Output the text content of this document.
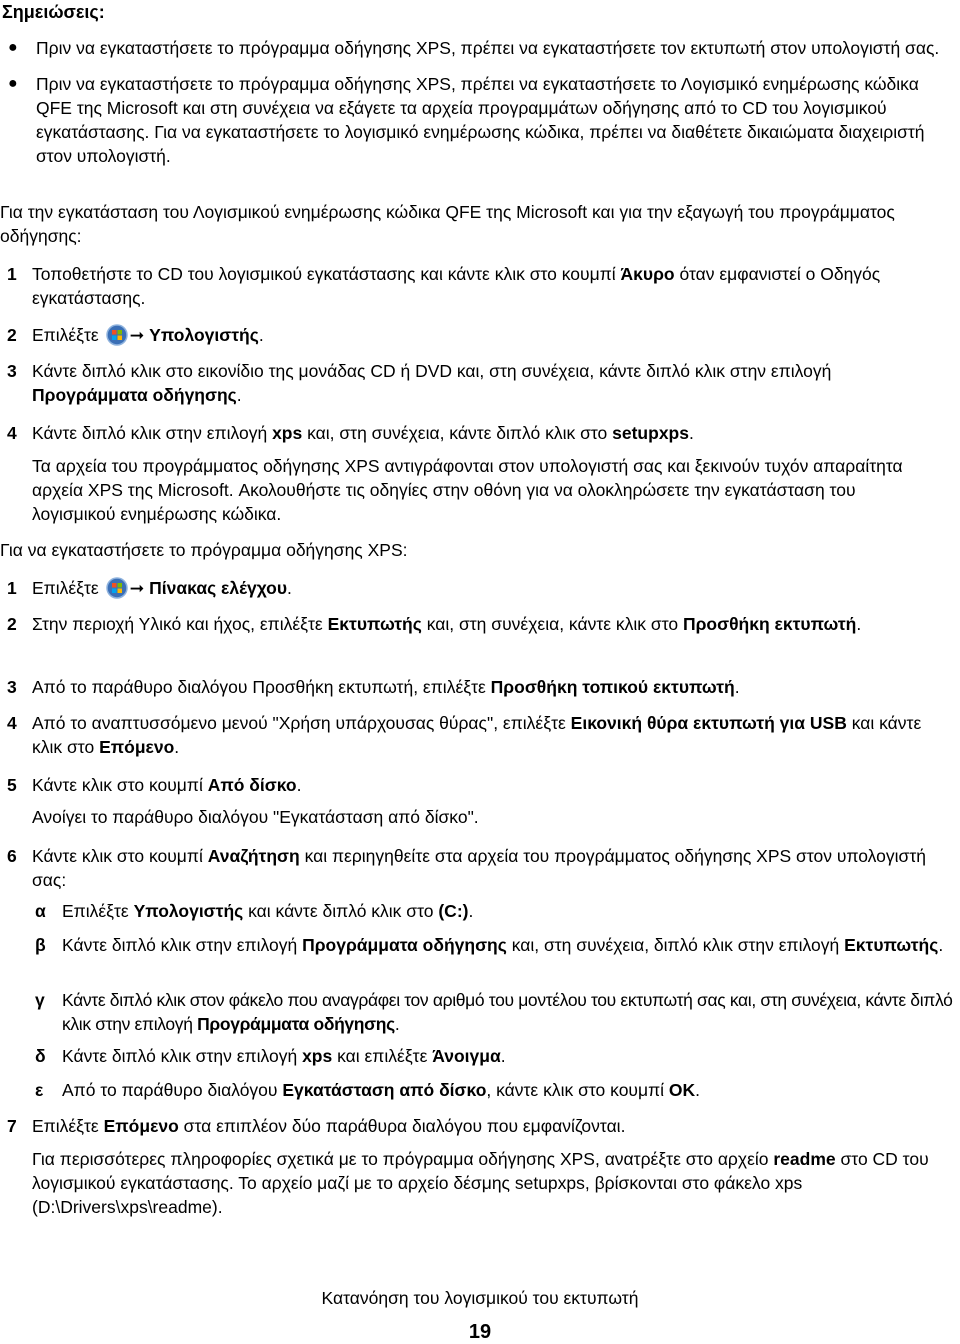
Σημειώσεις:
● Πριν να εγκαταστήσετε το πρόγραμμα οδήγησης XPS, πρέπει να εγκαταστήσετε τον εκτυπωτή στον υπολογιστή σας.
● Πριν να εγκαταστήσετε το πρόγραμμα οδήγησης XPS, πρέπει να εγκαταστήσετε το Λογισμικό ενημέρωσης κώδικα QFE της Microsoft και στη συνέχεια να εξάγετε τα αρχεία προγραμμάτων οδήγησης από το CD του λογισμικού εγκατάστασης. Για να εγκαταστήσετε το λογισμικό ενημέρωσης κώδικα, πρέπει να διαθέτετε δικαιώματα διαχειριστή στον υπολογιστή.
Για την εγκατάσταση του Λογισμικού ενημέρωσης κώδικα QFE της Microsoft και για την εξαγωγή του προγράμματος οδήγησης:
1 Τοποθετήστε το CD του λογισμικού εγκατάστασης και κάντε κλικ στο κουμπί Άκυρο όταν εμφανιστεί ο Οδηγός εγκατάστασης.
2 Επιλέξτε ➞ Υπολογιστής.
3 Κάντε διπλό κλικ στο εικονίδιο της μονάδας CD ή DVD και, στη συνέχεια, κάντε διπλό κλικ στην επιλογή Προγράμματα οδήγησης.
4 Κάντε διπλό κλικ στην επιλογή xps και, στη συνέχεια, κάντε διπλό κλικ στο setupxps.
Τα αρχεία του προγράμματος οδήγησης XPS αντιγράφονται στον υπολογιστή σας και ξεκινούν τυχόν απαραίτητα αρχεία XPS της Microsoft. Ακολουθήστε τις οδηγίες στην οθόνη για να ολοκληρώσετε την εγκατάσταση του λογισμικού ενημέρωσης κώδικα.
Για να εγκαταστήσετε το πρόγραμμα οδήγησης XPS:
1 Επιλέξτε ➞ Πίνακας ελέγχου.
2 Στην περιοχή Υλικό και ήχος, επιλέξτε Εκτυπωτής και, στη συνέχεια, κάντε κλικ στο Προσθήκη εκτυπωτή.
3 Από το παράθυρο διαλόγου Προσθήκη εκτυπωτή, επιλέξτε Προσθήκη τοπικού εκτυπωτή.
4 Από το αναπτυσσόμενο μενού "Χρήση υπάρχουσας θύρας", επιλέξτε Εικονική θύρα εκτυπωτή για USB και κάντε κλικ στο Επόμενο.
5 Κάντε κλικ στο κουμπί Από δίσκο.
Ανοίγει το παράθυρο διαλόγου "Εγκατάσταση από δίσκο".
6 Κάντε κλικ στο κουμπί Αναζήτηση και περιηγηθείτε στα αρχεία του προγράμματος οδήγησης XPS στον υπολογιστή σας:
α Επιλέξτε Υπολογιστής και κάντε διπλό κλικ στο (C:).
β Κάντε διπλό κλικ στην επιλογή Προγράμματα οδήγησης και, στη συνέχεια, διπλό κλικ στην επιλογή Εκτυπωτής.
γ Κάντε διπλό κλικ στον φάκελο που αναγράφει τον αριθμό του μοντέλου του εκτυπωτή σας και, στη συνέχεια, κάντε διπλό κλικ στην επιλογή Προγράμματα οδήγησης.
δ Κάντε διπλό κλικ στην επιλογή xps και επιλέξτε Άνοιγμα.
ε Από το παράθυρο διαλόγου Εγκατάσταση από δίσκο, κάντε κλικ στο κουμπί OK.
7 Επιλέξτε Επόμενο στα επιπλέον δύο παράθυρα διαλόγου που εμφανίζονται.
Για περισσότερες πληροφορίες σχετικά με το πρόγραμμα οδήγησης XPS, ανατρέξτε στο αρχείο readme στο CD του λογισμικού εγκατάστασης. Το αρχείο μαζί με το αρχείο δέσμης setupxps, βρίσκονται στο φάκελο xps (D:\Drivers\xps\readme).
Κατανόηση του λογισμικού του εκτυπωτή
19
